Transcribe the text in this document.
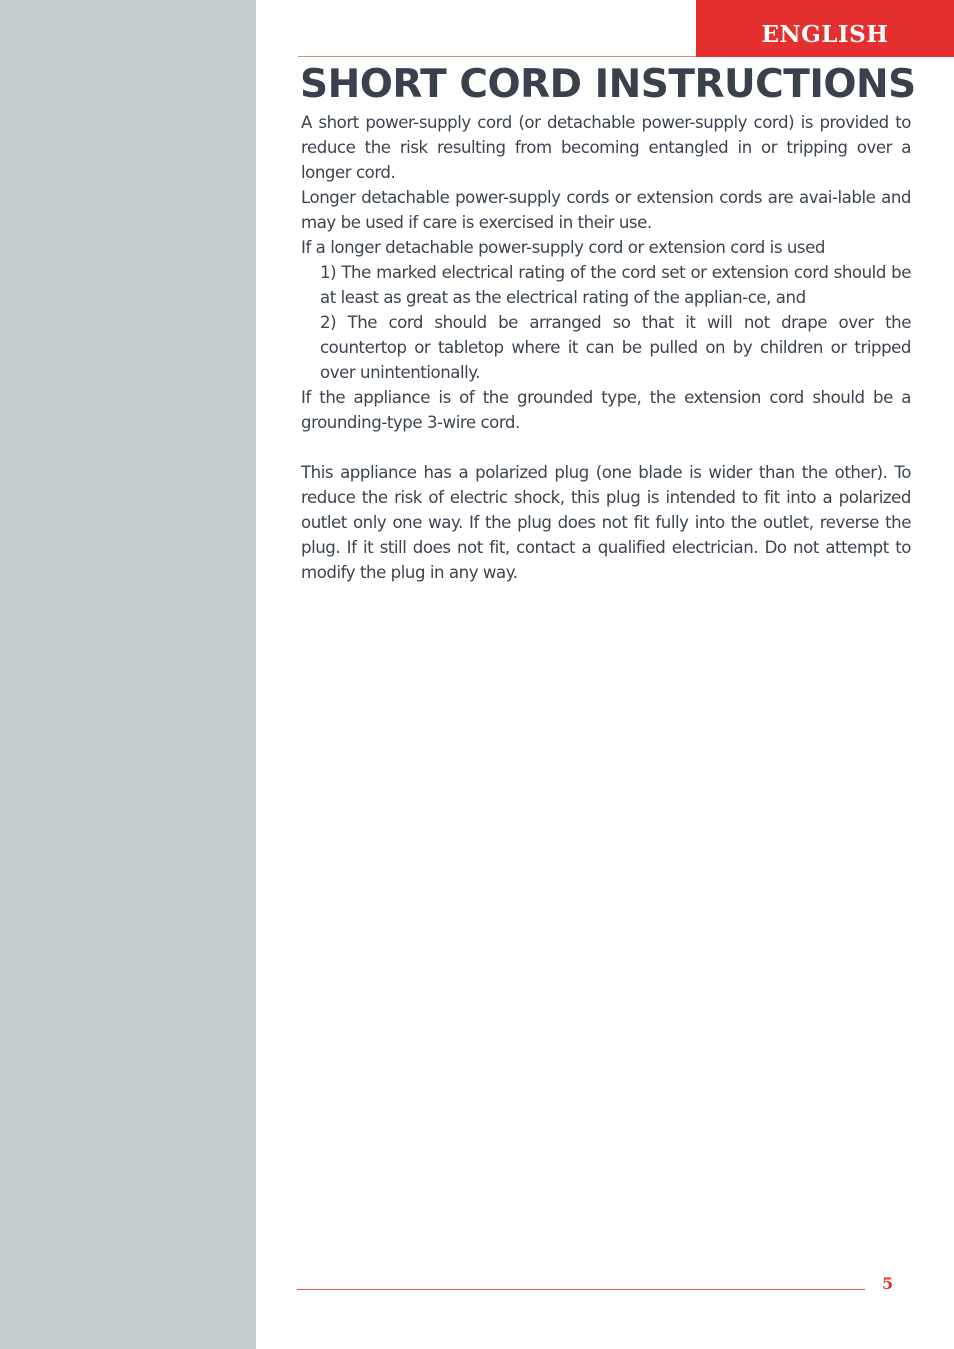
ENGLISH
SHORT CORD INSTRUCTIONS

A short power-supply cord (or detachable power-supply cord) is provided to reduce the risk resulting from becoming entangled in or tripping over a longer cord.

Longer detachable power-supply cords or extension cords are avai-lable and may be used if care is exercised in their use.

If a longer detachable power-supply cord or extension cord is used

1) The marked electrical rating of the cord set or extension cord should be at least as great as the electrical rating of the applian-ce, and

2) The cord should be arranged so that it will not drape over the countertop or tabletop where it can be pulled on by children or tripped over unintentionally.

If the appliance is of the grounded type, the extension cord should be a grounding-type 3-wire cord.

This appliance has a polarized plug (one blade is wider than the other). To reduce the risk of electric shock, this plug is intended to fit into a polarized outlet only one way. If the plug does not fit fully into the outlet, reverse the plug. If it still does not fit, contact a qualified electrician. Do not attempt to modify the plug in any way.

5
